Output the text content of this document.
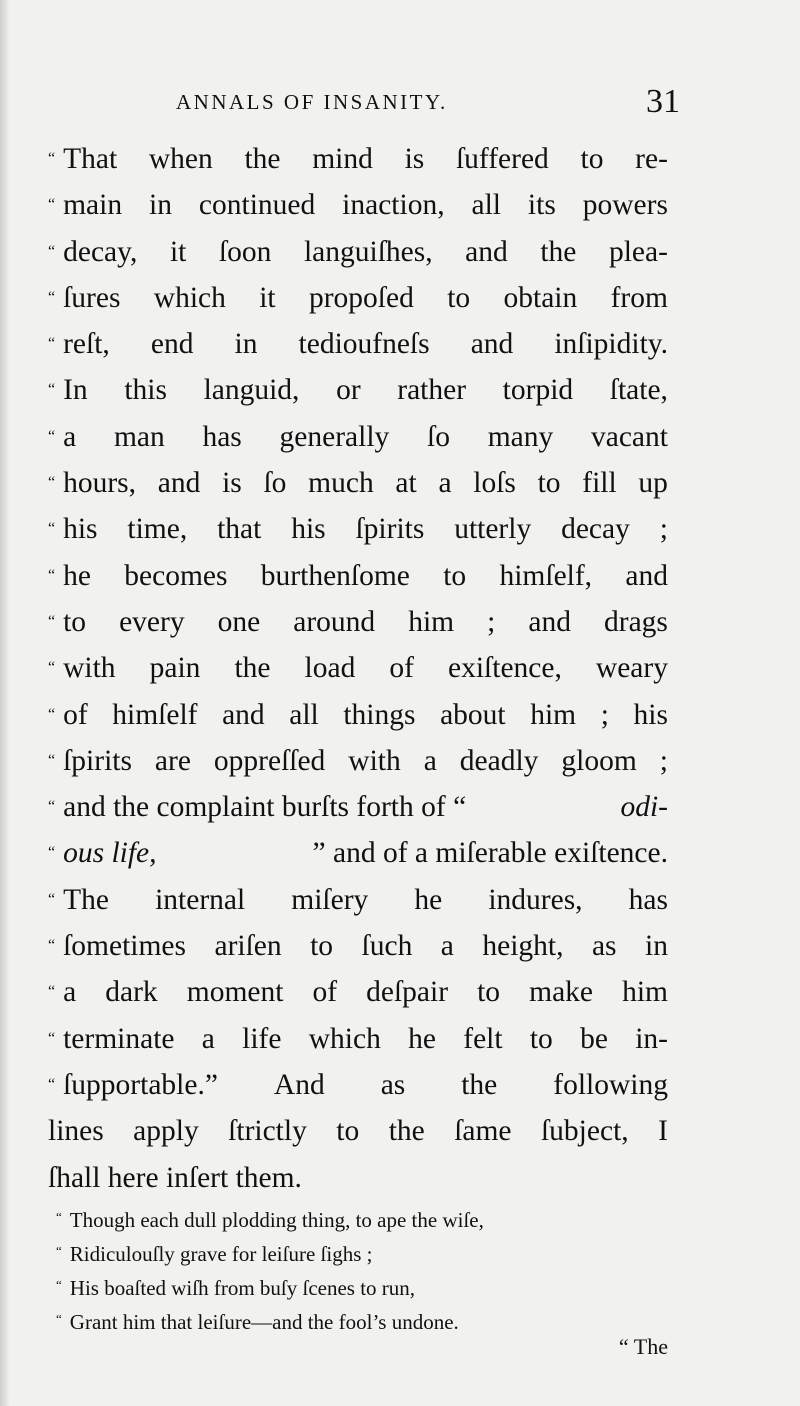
ANNALS OF INSANITY.	31
“ That when the mind is ſuffered to re-
“ main in continued inaction, all its powers
“ decay, it ſoon languiſhes, and the plea-
“ ſures which it propoſed to obtain from
“ reſt, end in tedioufneſs and inſipidity.
“ In this languid, or rather torpid ſtate,
“ a man has generally ſo many vacant
“ hours, and is ſo much at a loſs to fill up
“ his time, that his ſpirits utterly decay ;
“ he becomes burthenſome to himſelf, and
“ to every one around him ; and drags
“ with pain the load of exiſtence, weary
“ of himſelf and all things about him ; his
“ ſpirits are oppreſſed with a deadly gloom ;
“ and the complaint burſts forth of “	odi-
“ ous life,	” and of a miſerable exiſtence.
“ The internal miſery he indures, has
“ ſometimes ariſen to ſuch a height, as in
“ a dark moment of deſpair to make him
“ terminate a life which he felt to be in-
“ ſupportable.” And as the following
lines apply ſtrictly to the ſame ſubject, I
ſhall here inſert them.
“ Though each dull plodding thing, to ape the wiſe,
“ Ridiculouſly grave for leiſure ſighs ;
“ His boaſted wiſh from buſy ſcenes to run,
“ Grant him that leiſure—and the fool’s undone.
“ The
